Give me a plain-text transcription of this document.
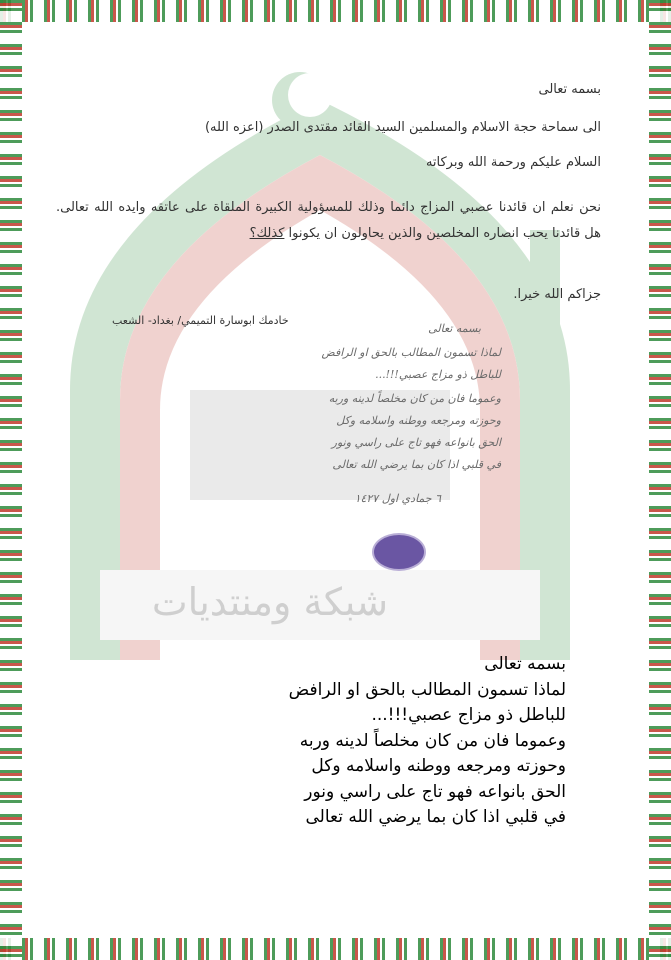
شبكة ومنتديات
بسمه تعالى
الى سماحة حجة الاسلام والمسلمين السيد القائد مقتدى الصدر (اعزه الله)
السلام عليكم ورحمة الله وبركاته
نحن نعلم ان قائدنا عصبي المزاج دائما وذلك للمسؤولية الكبيرة الملقاة على عاتقه وايده الله تعالى. هل قائدنا يحب انصاره المخلصين والذين يحاولون ان يكونوا كذلك؟
جزاكم الله خيرا.
خادمك ابوسارة التميمي/ بغداد- الشعب
بسمه تعالى
لماذا تسمون المطالب بالحق او الرافض
للباطل ذو مزاج عصبي!!!...
وعموما فان من كان مخلصاً لدينه وربه
وحوزته ومرجعه ووطنه واسلامه وكل
الحق بانواعه فهو تاج على راسي ونور
في قلبي اذا كان بما يرضي الله تعالى
٦ جمادي اول ١٤٢٧
بسمه تعالى
لماذا تسمون المطالب بالحق او الرافض
للباطل ذو مزاج عصبي!!!...
وعموما فان من كان مخلصاً لدينه وربه
وحوزته ومرجعه ووطنه واسلامه وكل
الحق بانواعه فهو تاج على راسي ونور
في قلبي اذا كان بما يرضي الله تعالى
